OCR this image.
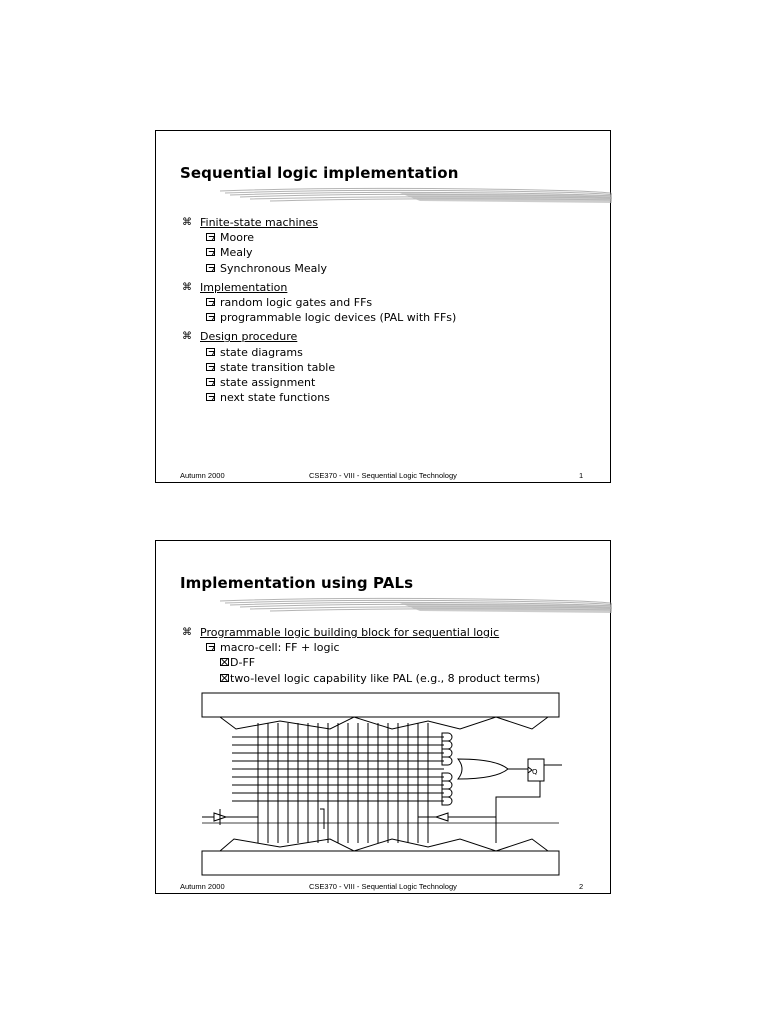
Sequential logic implementation
⌘ Finite-state machines
Moore
Mealy
Synchronous Mealy
⌘ Implementation
random logic gates and FFs
programmable logic devices (PAL with FFs)
⌘ Design procedure
state diagrams
state transition table
state assignment
next state functions
Autumn 2000	CSE370 - VIII - Sequential Logic Technology	1
Implementation using PALs
⌘ Programmable logic building block for sequential logic
macro-cell: FF + logic
D-FF
two-level logic capability like PAL (e.g., 8 product terms)
Q
Autumn 2000	CSE370 - VIII - Sequential Logic Technology	2
